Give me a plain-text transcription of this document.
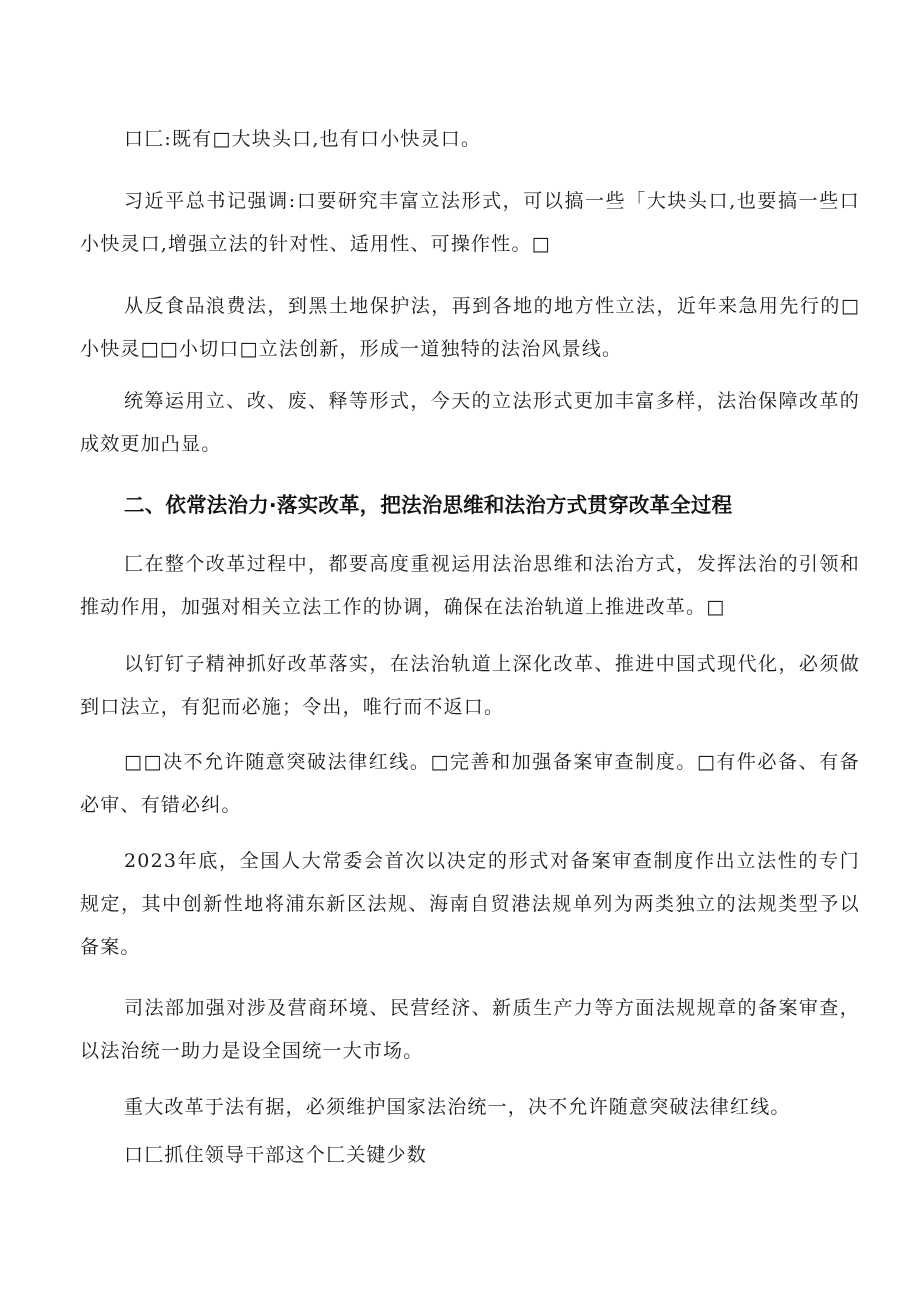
口匚:既有□大块头口,也有口小快灵口。

习近平总书记强调:口要研究丰富立法形式，可以搞一些「大块头口,也要搞一些口小快灵口,增强立法的针对性、适用性、可操作性。□

从反食品浪费法，到黑土地保护法，再到各地的地方性立法，近年来急用先行的□小快灵□□小切口□立法创新，形成一道独特的法治风景线。

统筹运用立、改、废、释等形式，今天的立法形式更加丰富多样，法治保障改革的成效更加凸显。

二、依常法治力·落实改革，把法治思维和法治方式贯穿改革全过程

匚在整个改革过程中，都要高度重视运用法治思维和法治方式，发挥法治的引领和推动作用，加强对相关立法工作的协调，确保在法治轨道上推进改革。□

以钉钉子精神抓好改革落实，在法治轨道上深化改革、推进中国式现代化，必须做到口法立，有犯而必施；令出，唯行而不返口。

□□决不允许随意突破法律红线。□完善和加强备案审查制度。□有件必备、有备必审、有错必纠。

2023年底，全国人大常委会首次以决定的形式对备案审查制度作出立法性的专门规定，其中创新性地将浦东新区法规、海南自贸港法规单列为两类独立的法规类型予以备案。

司法部加强对涉及营商环境、民营经济、新质生产力等方面法规规章的备案审查，以法治统一助力是设全国统一大市场。

重大改革于法有据，必须维护国家法治统一，决不允许随意突破法律红线。

口匚抓住领导干部这个匚关键少数
